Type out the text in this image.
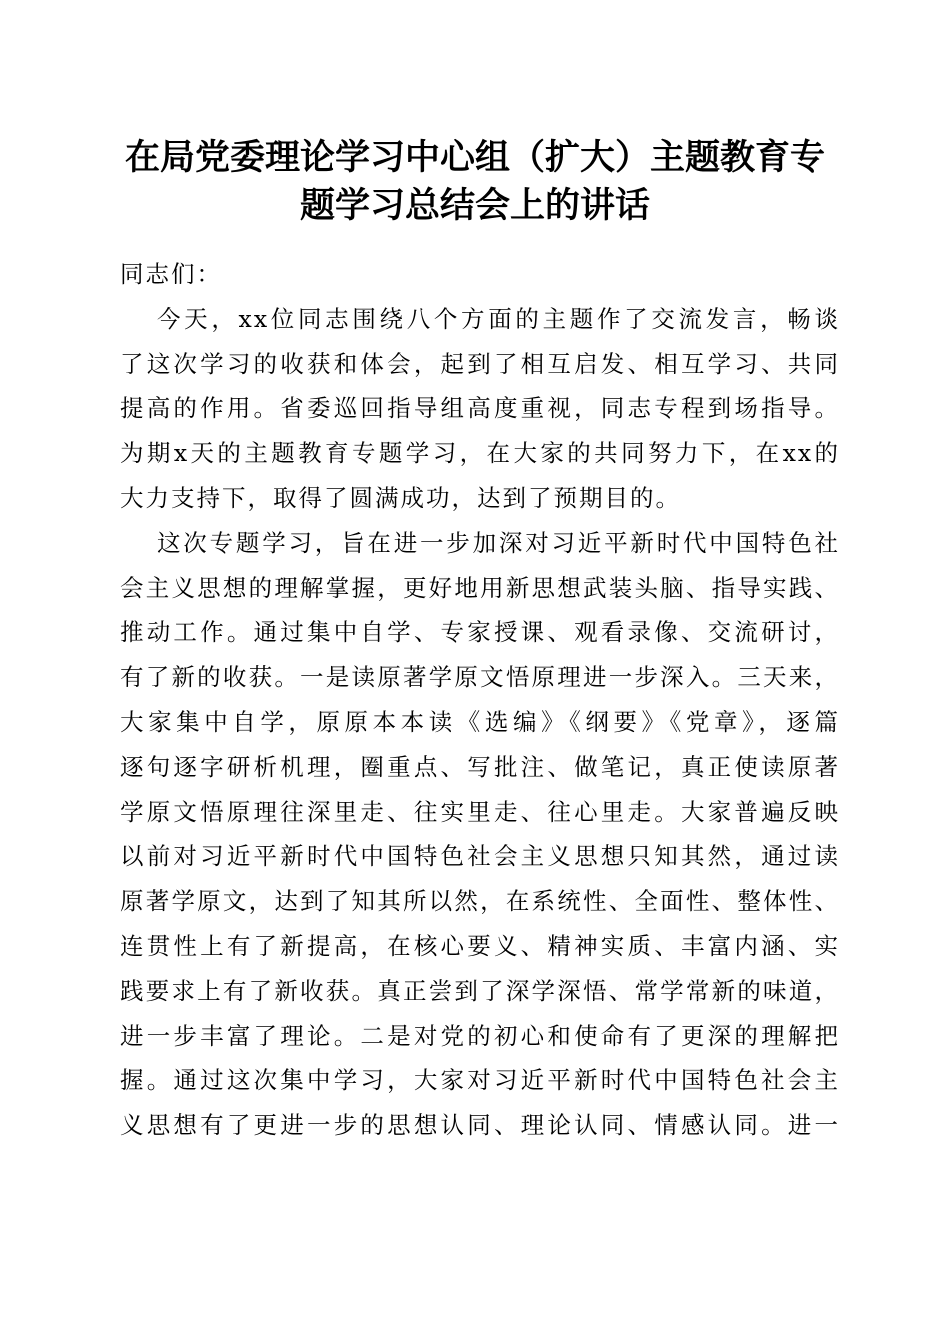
在局党委理论学习中心组（扩大）主题教育专
题学习总结会上的讲话
同志们：
今天，xx位同志围绕八个方面的主题作了交流发言，畅谈
了这次学习的收获和体会，起到了相互启发、相互学习、共同
提高的作用。省委巡回指导组高度重视，同志专程到场指导。
为期x天的主题教育专题学习，在大家的共同努力下，在xx的
大力支持下，取得了圆满成功，达到了预期目的。
这次专题学习，旨在进一步加深对习近平新时代中国特色社
会主义思想的理解掌握，更好地用新思想武装头脑、指导实践、
推动工作。通过集中自学、专家授课、观看录像、交流研讨，
有了新的收获。一是读原著学原文悟原理进一步深入。三天来，
大家集中自学，原原本本读《选编》《纲要》《党章》，逐篇
逐句逐字研析机理，圈重点、写批注、做笔记，真正使读原著
学原文悟原理往深里走、往实里走、往心里走。大家普遍反映
以前对习近平新时代中国特色社会主义思想只知其然，通过读
原著学原文，达到了知其所以然，在系统性、全面性、整体性、
连贯性上有了新提高，在核心要义、精神实质、丰富内涵、实
践要求上有了新收获。真正尝到了深学深悟、常学常新的味道，
进一步丰富了理论。二是对党的初心和使命有了更深的理解把
握。通过这次集中学习，大家对习近平新时代中国特色社会主
义思想有了更进一步的思想认同、理论认同、情感认同。进一
